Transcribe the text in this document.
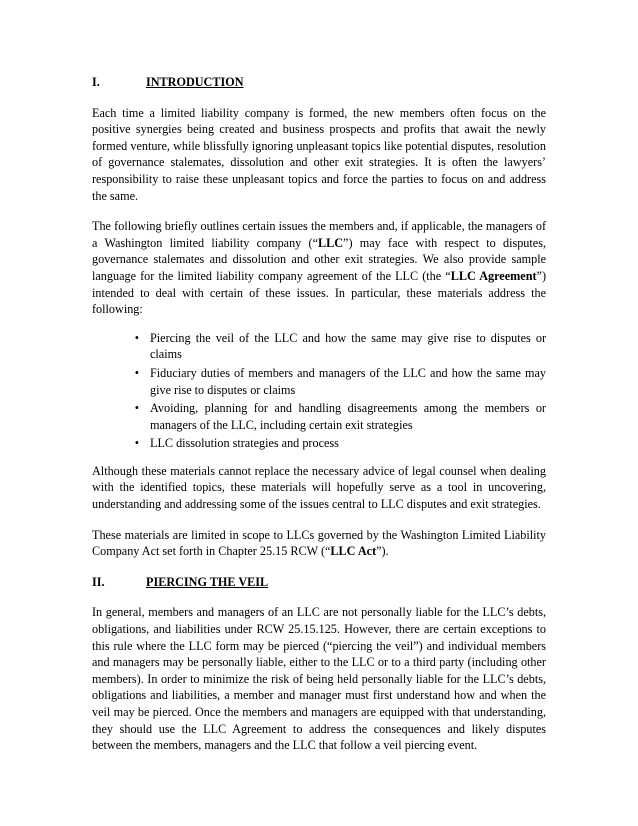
I.	INTRODUCTION

Each time a limited liability company is formed, the new members often focus on the positive synergies being created and business prospects and profits that await the newly formed venture, while blissfully ignoring unpleasant topics like potential disputes, resolution of governance stalemates, dissolution and other exit strategies. It is often the lawyers’ responsibility to raise these unpleasant topics and force the parties to focus on and address the same.

The following briefly outlines certain issues the members and, if applicable, the managers of a Washington limited liability company (“LLC”) may face with respect to disputes, governance stalemates and dissolution and other exit strategies. We also provide sample language for the limited liability company agreement of the LLC (the “LLC Agreement”) intended to deal with certain of these issues. In particular, these materials address the following:

• Piercing the veil of the LLC and how the same may give rise to disputes or claims
• Fiduciary duties of members and managers of the LLC and how the same may give rise to disputes or claims
• Avoiding, planning for and handling disagreements among the members or managers of the LLC, including certain exit strategies
• LLC dissolution strategies and process

Although these materials cannot replace the necessary advice of legal counsel when dealing with the identified topics, these materials will hopefully serve as a tool in uncovering, understanding and addressing some of the issues central to LLC disputes and exit strategies.

These materials are limited in scope to LLCs governed by the Washington Limited Liability Company Act set forth in Chapter 25.15 RCW (“LLC Act”).

II.	PIERCING THE VEIL

In general, members and managers of an LLC are not personally liable for the LLC’s debts, obligations, and liabilities under RCW 25.15.125. However, there are certain exceptions to this rule where the LLC form may be pierced (“piercing the veil”) and individual members and managers may be personally liable, either to the LLC or to a third party (including other members). In order to minimize the risk of being held personally liable for the LLC’s debts, obligations and liabilities, a member and manager must first understand how and when the veil may be pierced. Once the members and managers are equipped with that understanding, they should use the LLC Agreement to address the consequences and likely disputes between the members, managers and the LLC that follow a veil piercing event.
